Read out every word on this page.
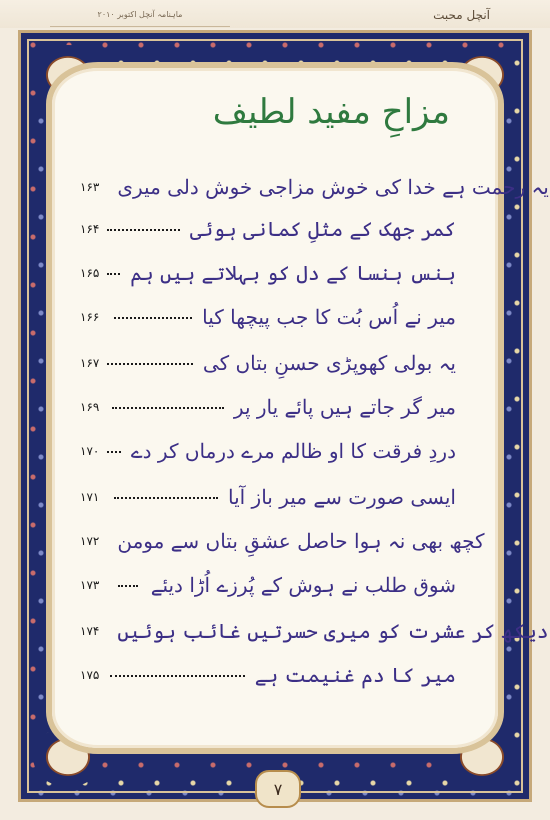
ماہنامہ آنچل اکتوبر ۲۰۱۰	آنچل محبت
مزاحِ مفید لطیف
۱۶۳ یہ رحمت ہے خدا کی خوش مزاجی خوش دلی میری
۱۶۴	کمر جھک کے مثلِ کمانی ہوئی
۱۶۵ ہنس ہنسا کے دل کو بہلاتے ہیں ہم
۱۶۶	میر نے اُس بُت کا جب پیچھا کیا
۱۶۷	یہ بولی کھوپڑی حسنِ بتاں کی
۱۶۹	میر گر جاتے ہیں پائے یار پر
۱۷۰ دردِ فرقت کا او ظالم مرے درماں کر دے
۱۷۱	ایسی صورت سے میر باز آیا
۱۷۲ کچھ بھی نہ ہوا حاصل عشقِ بتاں سے مومن
۱۷۳	شوق طلب نے ہوش کے پُرزے اُڑا دیئے
۱۷۴ دیکھ کر عشرت کو میری حسرتیں غائب ہوئیں
۱۷۵	میر کا دم غنیمت ہے
۷
